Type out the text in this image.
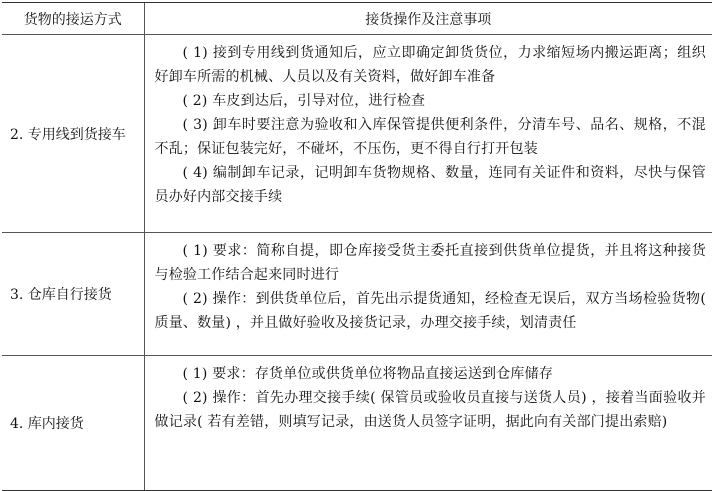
货物的接运方式	接货操作及注意事项
2. 专用线到货接车	( 1) 接到专用线到货通知后，应立即确定卸货货位，力求缩短场内搬运距离；组织好卸车所需的机械、人员以及有关资料，做好卸车准备

( 2) 车皮到达后，引导对位，进行检查

( 3) 卸车时要注意为验收和入库保管提供便利条件，分清车号、品名、规格，不混不乱；保证包装完好，不碰坏，不压伤，更不得自行打开包装

( 4) 编制卸车记录，记明卸车货物规格、数量，连同有关证件和资料，尽快与保管员办好内部交接手续

3. 仓库自行接货	( 1) 要求：简称自提，即仓库接受货主委托直接到供货单位提货，并且将这种接货与检验工作结合起来同时进行

( 2) 操作：到供货单位后，首先出示提货通知，经检查无误后，双方当场检验货物( 质量、数量) ，并且做好验收及接货记录，办理交接手续，划清责任

4. 库内接货	( 1) 要求：存货单位或供货单位将物品直接运送到仓库储存

( 2) 操作：首先办理交接手续( 保管员或验收员直接与送货人员) ，接着当面验收并做记录( 若有差错，则填写记录，由送货人员签字证明，据此向有关部门提出索赔)
